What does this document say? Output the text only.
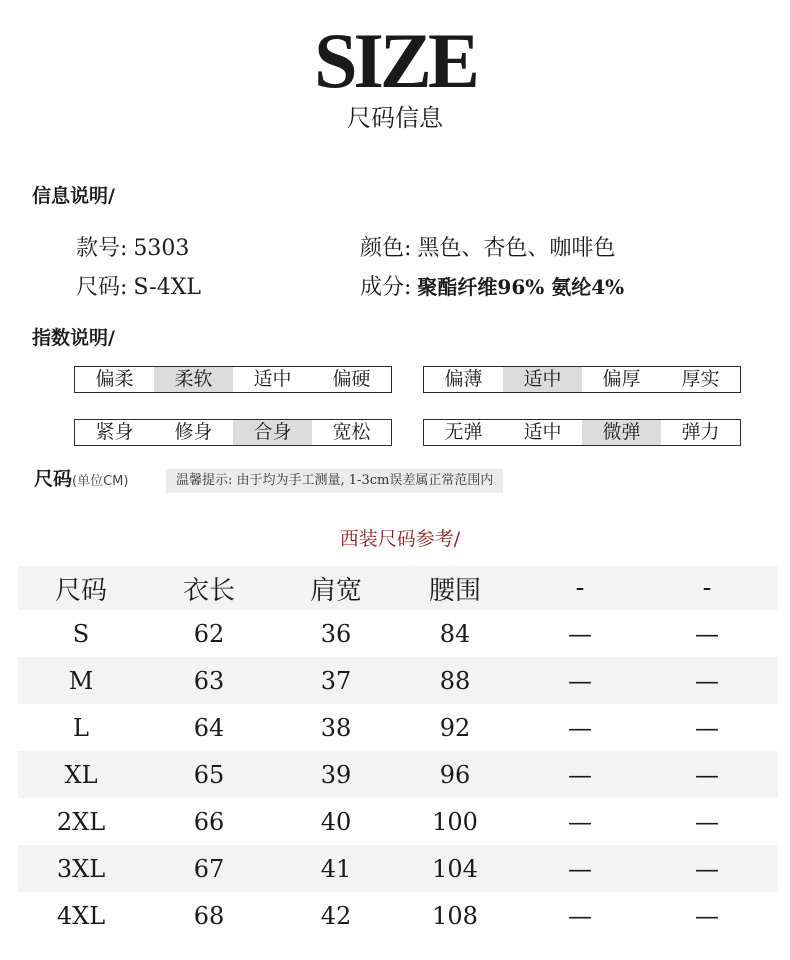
SIZE
尺码信息
信息说明/
款号: 5303	颜色: 黑色、杏色、咖啡色
尺码: S-4XL	成分: 聚酯纤维96% 氨纶4%
指数说明/
偏柔	柔软	适中	偏硬	偏薄	适中	偏厚	厚实
紧身	修身	合身	宽松	无弹	适中	微弹	弹力
尺码(单位CM)	温馨提示: 由于均为手工测量, 1-3cm误差属正常范围内
西装尺码参考/
尺码	衣长	肩宽	腰围	-	-
S	62	36	84	—	—
M	63	37	88	—	—
L	64	38	92	—	—
XL	65	39	96	—	—
2XL	66	40	100	—	—
3XL	67	41	104	—	—
4XL	68	42	108	—	—
